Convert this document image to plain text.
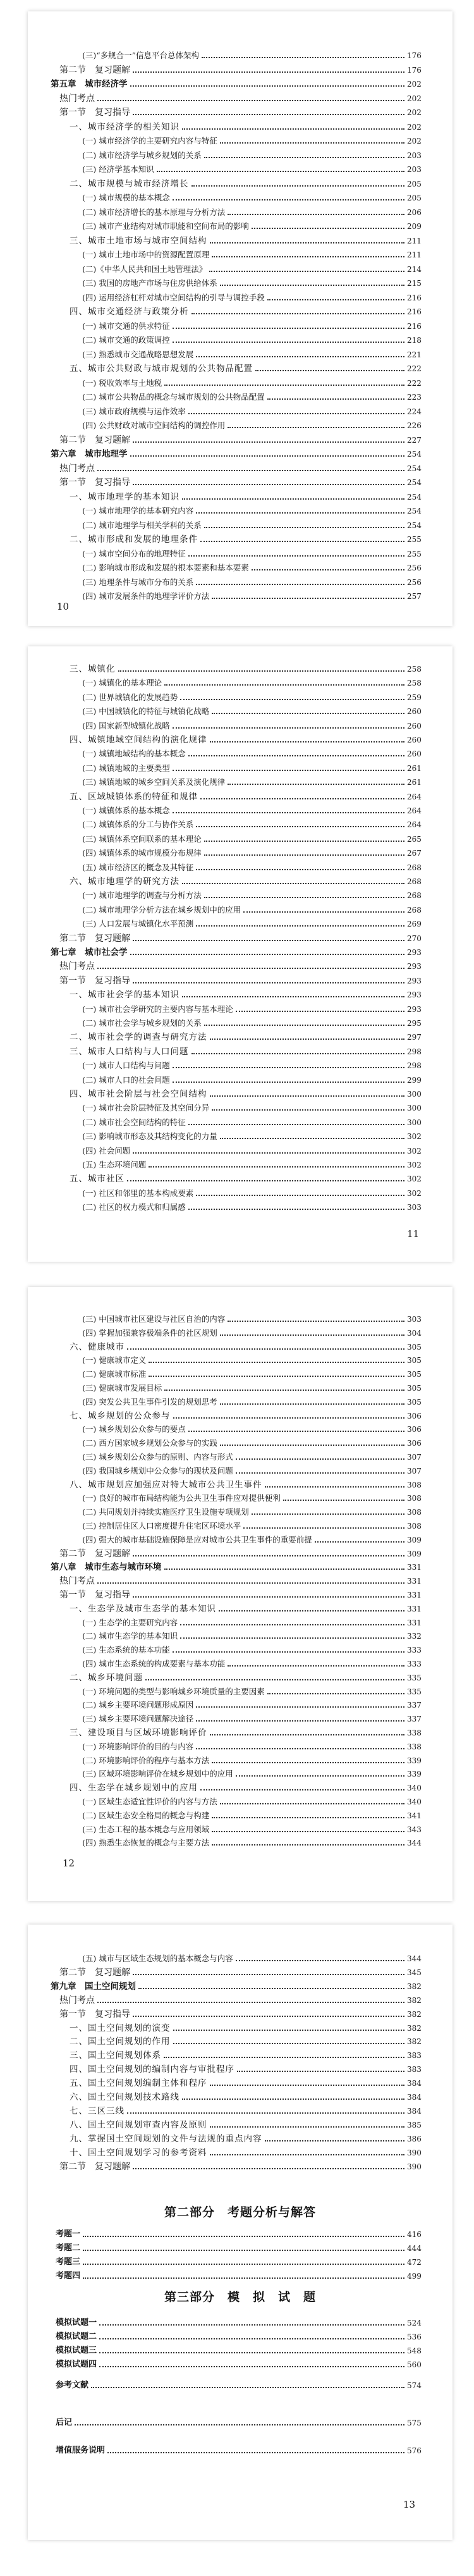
(三)“多规合一”信息平台总体架构	176
第二节　复习题解	176
第五章　城市经济学	202
热门考点	202
第一节　复习指导	202
一、城市经济学的相关知识	202
(一) 城市经济学的主要研究内容与特征	202
(二) 城市经济学与城乡规划的关系	203
(三) 经济学基本知识	203
二、城市规模与城市经济增长	205
(一) 城市规模的基本概念	205
(二) 城市经济增长的基本原理与分析方法	206
(三) 城市产业结构对城市职能和空间布局的影响	209
三、城市土地市场与城市空间结构	211
(一) 城市土地市场中的资源配置原理	211
(二)《中华人民共和国土地管理法》	214
(三) 我国的房地产市场与住房供给体系	215
(四) 运用经济杠杆对城市空间结构的引导与调控手段	216
四、城市交通经济与政策分析	216
(一) 城市交通的供求特征	216
(二) 城市交通的政策调控	218
(三) 熟悉城市交通战略思想发展	221
五、城市公共财政与城市规划的公共物品配置	222
(一) 税收效率与土地税	222
(二) 城市公共物品的概念与城市规划的公共物品配置	223
(三) 城市政府规模与运作效率	224
(四) 公共财政对城市空间结构的调控作用	226
第二节　复习题解	227
第六章　城市地理学	254
热门考点	254
第一节　复习指导	254
一、城市地理学的基本知识	254
(一) 城市地理学的基本研究内容	254
(二) 城市地理学与相关学科的关系	254
二、城市形成和发展的地理条件	255
(一) 城市空间分布的地理特征	255
(二) 影响城市形成和发展的根本要素和基本要素	256
(三) 地理条件与城市分布的关系	256
(四) 城市发展条件的地理学评价方法	257
10
三、城镇化	258
(一) 城镇化的基本理论	258
(二) 世界城镇化的发展趋势	259
(三) 中国城镇化的特征与城镇化战略	260
(四) 国家新型城镇化战略	260
四、城镇地域空间结构的演化规律	260
(一) 城镇地域结构的基本概念	260
(二) 城镇地域的主要类型	261
(三) 城镇地域的城乡空间关系及演化规律	261
五、区域城镇体系的特征和规律	264
(一) 城镇体系的基本概念	264
(二) 城镇体系的分工与协作关系	264
(三) 城镇体系空间联系的基本理论	265
(四) 城镇体系的城市规模分布规律	267
(五) 城市经济区的概念及其特征	268
六、城市地理学的研究方法	268
(一) 城市地理学的调查与分析方法	268
(二) 城市地理学分析方法在城乡规划中的应用	268
(三) 人口发展与城镇化水平预测	269
第二节　复习题解	270
第七章　城市社会学	293
热门考点	293
第一节　复习指导	293
一、城市社会学的基本知识	293
(一) 城市社会学研究的主要内容与基本理论	293
(二) 城市社会学与城乡规划的关系	295
二、城市社会学的调查与研究方法	297
三、城市人口结构与人口问题	298
(一) 城市人口结构与问题	298
(二) 城市人口的社会问题	299
四、城市社会阶层与社会空间结构	300
(一) 城市社会阶层特征及其空间分异	300
(二) 城市社会空间结构的特征	300
(三) 影响城市形态及其结构变化的力量	302
(四) 社会问题	302
(五) 生态环境问题	302
五、城市社区	302
(一) 社区和邻里的基本构成要素	302
(二) 社区的权力模式和归属感	303
11
(三) 中国城市社区建设与社区自治的内容	303
(四) 掌握加强兼容极端条件的社区规划	304
六、健康城市	305
(一) 健康城市定义	305
(二) 健康城市标准	305
(三) 健康城市发展目标	305
(四) 突发公共卫生事件引发的规划思考	305
七、城乡规划的公众参与	306
(一) 城乡规划公众参与的要点	306
(二) 西方国家城乡规划公众参与的实践	306
(三) 城乡规划公众参与的原则、内容与形式	307
(四) 我国城乡规划中公众参与的现状及问题	307
八、城市规划应加强应对特大城市公共卫生事件	308
(一) 良好的城市布局结构能为公共卫生事件应对提供便利	308
(二) 共同规划并持续实施医疗卫生设施专项规划	308
(三) 控制居住区人口密度提升住宅区环境水平	308
(四) 强大的城市基础设施保障是应对城市公共卫生事件的重要前提	309
第二节　复习题解	309
第八章　城市生态与城市环境	331
热门考点	331
第一节　复习指导	331
一、生态学及城市生态学的基本知识	331
(一) 生态学的主要研究内容	331
(二) 城市生态学的基本知识	332
(三) 生态系统的基本功能	333
(四) 城市生态系统的构成要素与基本功能	333
二、城乡环境问题	335
(一) 环境问题的类型与影响城乡环境质量的主要因素	335
(二) 城乡主要环境问题形成原因	337
(三) 城乡主要环境问题解决途径	337
三、建设项目与区域环境影响评价	338
(一) 环境影响评价的目的与内容	338
(二) 环境影响评价的程序与基本方法	339
(三) 区域环境影响评价在城乡规划中的应用	339
四、生态学在城乡规划中的应用	340
(一) 区域生态适宜性评价的内容与方法	340
(二) 区域生态安全格局的概念与构建	341
(三) 生态工程的基本概念与应用领域	343
(四) 熟悉生态恢复的概念与主要方法	344
12
(五) 城市与区域生态规划的基本概念与内容	344
第二节　复习题解	345
第九章　国土空间规划	382
热门考点	382
第一节　复习指导	382
一、国土空间规划的演变	382
二、国土空间规划的作用	382
三、国土空间规划体系	383
四、国土空间规划的编制内容与审批程序	383
五、国土空间规划编制主体和程序	384
六、国土空间规划技术路线	384
七、三区三线	384
八、国土空间规划审查内容及原则	385
九、掌握国土空间规划的文件与法规的重点内容	386
十、国土空间规划学习的参考资料	390
第二节　复习题解	390
第二部分　考题分析与解答
考题一	416
考题二	444
考题三	472
考题四	499
第三部分　模　拟　试　题
模拟试题一	524
模拟试题二	536
模拟试题三	548
模拟试题四	560
参考文献	574
后记	575
增值服务说明	576
13
